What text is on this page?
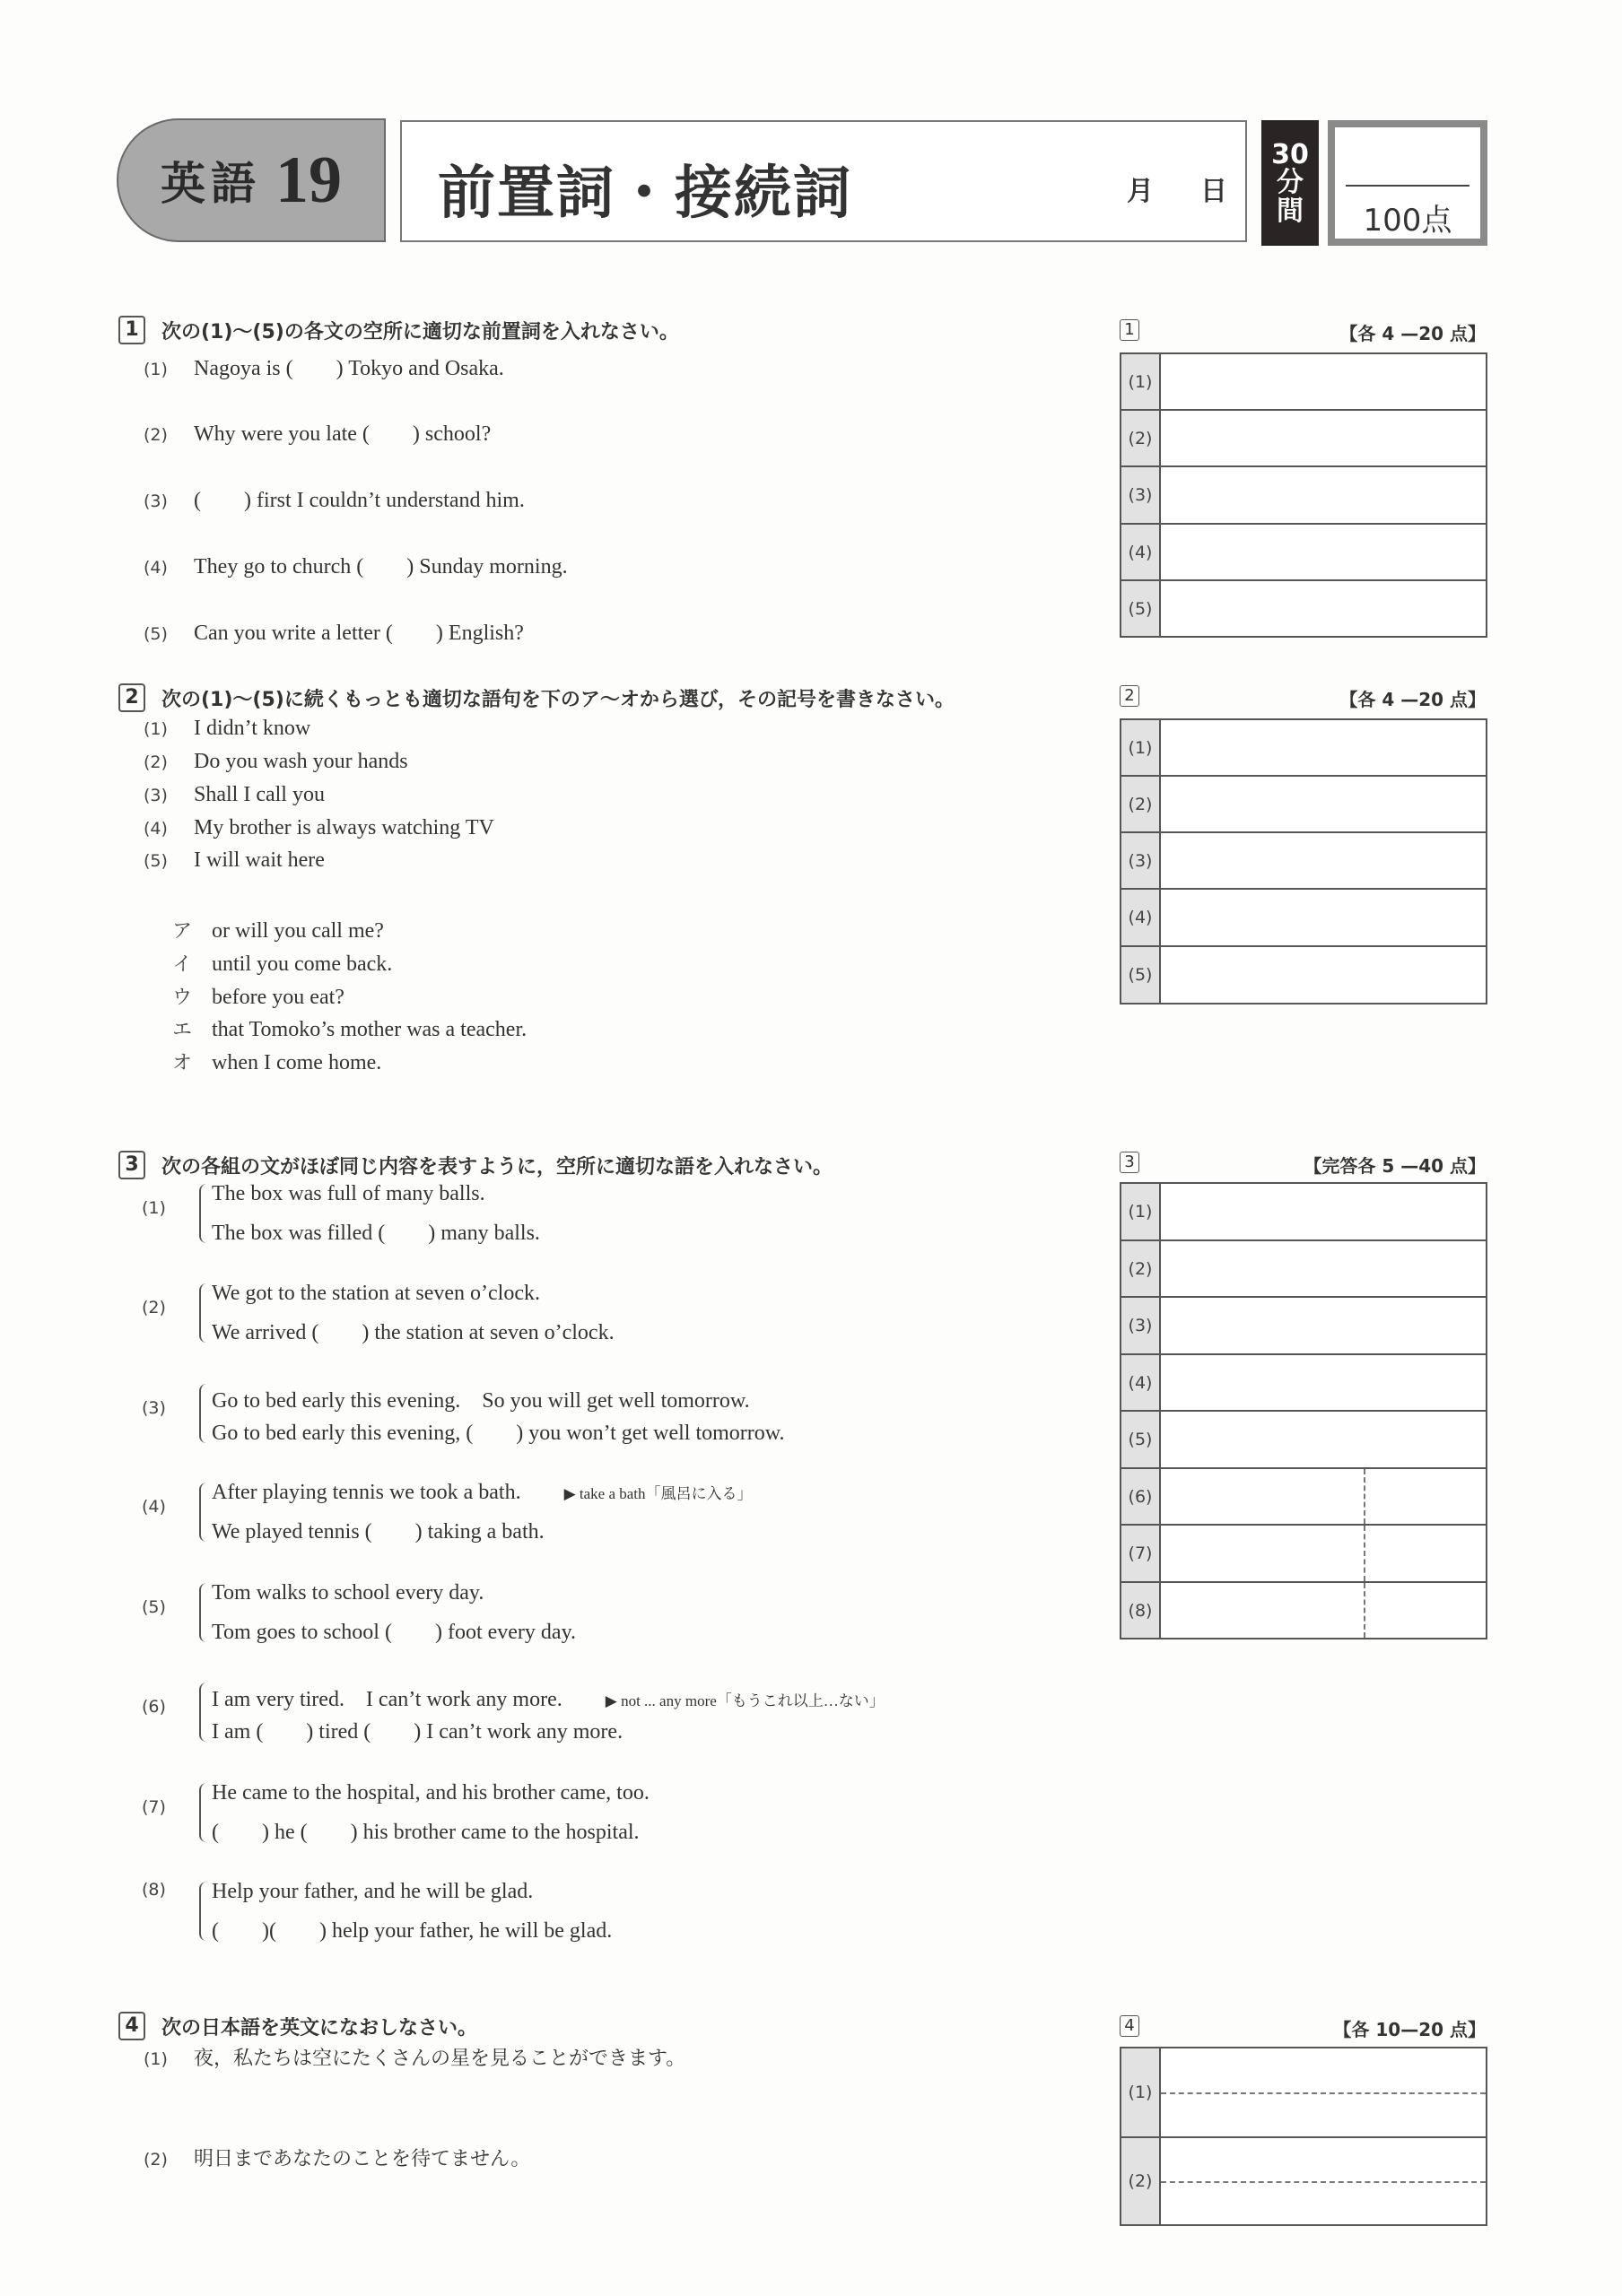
英語 19 前置詞・接続詞	月 日
30
分
間	100点
1	次の(1)〜(5)の各文の空所に適切な前置詞を入れなさい。
(1) Nagoya is (　　) Tokyo and Osaka.
(2) Why were you late (　　) school?
(3) (　　) first I couldn’t understand him.
(4) They go to church (　　) Sunday morning.
(5) Can you write a letter (　　) English?
1	【各 4 —20 点】
(1)
(2)
(3)
(4)
(5)
2	次の(1)〜(5)に続くもっとも適切な語句を下のア〜オから選び，その記号を書きなさい。
(1) I didn’t know
(2) Do you wash your hands
(3) Shall I call you
(4) My brother is always watching TV
(5) I will wait here
ア or will you call me?
イ until you come back.
ウ before you eat?
エ that Tomoko’s mother was a teacher.
オ when I come home.
2	【各 4 —20 点】
(1)
(2)
(3)
(4)
(5)
3	次の各組の文がほぼ同じ内容を表すように，空所に適切な語を入れなさい。
(1)
The box was full of many balls.
The box was filled (　　) many balls.
(2)
We got to the station at seven o’clock.
We arrived (　　) the station at seven o’clock.
(3) Go to bed early this evening.　So you will get well tomorrow.
Go to bed early this evening, (　　) you won’t get well tomorrow.
(4)
After playing tennis we took a bath.	▶ take a bath「風呂に入る」
We played tennis (　　) taking a bath.
(5)
Tom walks to school every day.
Tom goes to school (　　) foot every day.
(6) I am very tired.　I can’t work any more.	▶ not ... any more「もうこれ以上…ない」
I am (　　) tired (　　) I can’t work any more.
(7)
He came to the hospital, and his brother came, too.
(　　) he (　　) his brother came to the hospital.
(8) Help your father, and he will be glad.
(　　)(　　) help your father, he will be glad.
3	【完答各 5 —40 点】
(1)
(2)
(3)
(4)
(5)
(6)
(7)
(8)
4	次の日本語を英文になおしなさい。
(1) 夜，私たちは空にたくさんの星を見ることができます。
(2) 明日まであなたのことを待てません。
4	【各 10—20 点】
(1)
(2)
